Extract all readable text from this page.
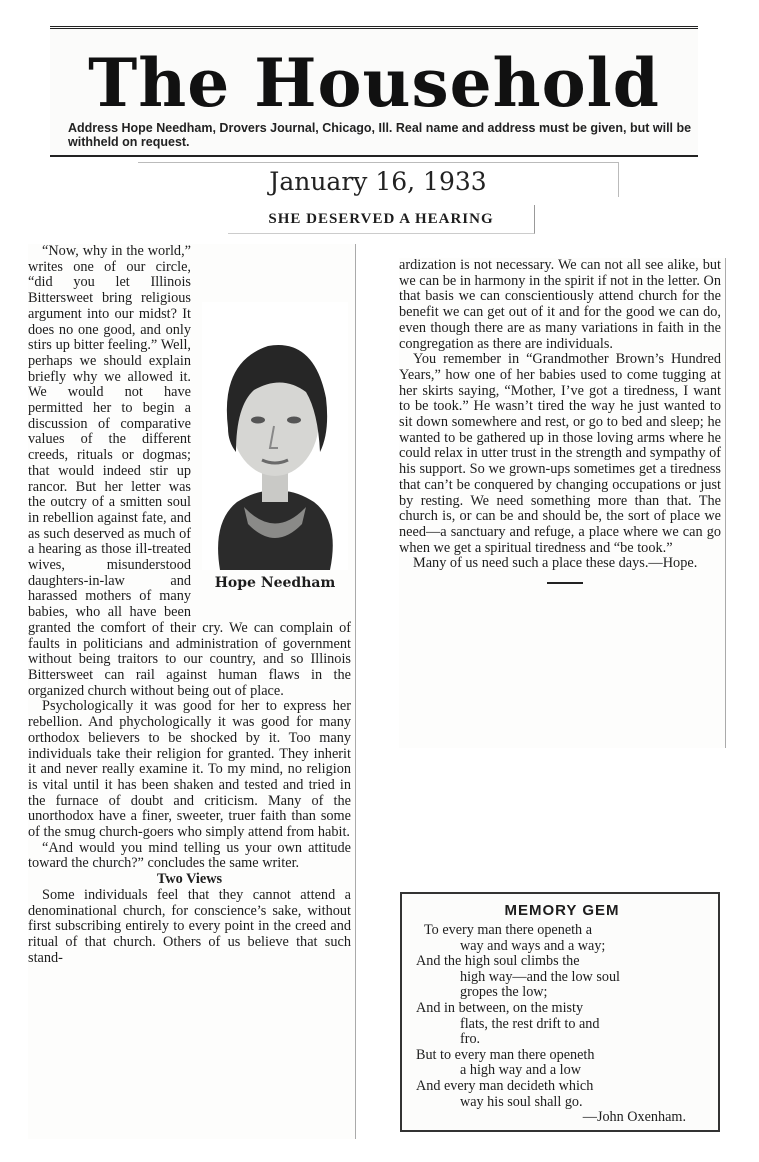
The Household
Address Hope Needham, Drovers Journal, Chicago, Ill. Real name and address must be given, but will be withheld on request.
January 16, 1933
SHE DESERVED A HEARING
Hope Needham

“Now, why in the world,” writes one of our circle, “did you let Illinois Bittersweet bring religious argument into our midst? It does no one good, and only stirs up bitter feeling.” Well, perhaps we should explain briefly why we allowed it. We would not have permitted her to begin a discussion of comparative values of the different creeds, rituals or dogmas; that would indeed stir up rancor. But her letter was the outcry of a smitten soul in rebellion against fate, and as such deserved as much of a hearing as those ill-treated wives, misunderstood daughters-in-law and harassed mothers of many babies, who all have been granted the comfort of their cry. We can complain of faults in politicians and administration of government without being traitors to our country, and so Illinois Bittersweet can rail against human flaws in the organized church without being out of place.

Psychologically it was good for her to express her rebellion. And phychologically it was good for many orthodox believers to be shocked by it. Too many individuals take their religion for granted. They inherit it and never really examine it. To my mind, no religion is vital until it has been shaken and tested and tried in the furnace of doubt and criticism. Many of the unorthodox have a finer, sweeter, truer faith than some of the smug church-goers who simply attend from habit.

“And would you mind telling us your own attitude toward the church?” concludes the same writer.

Two Views

Some individuals feel that they cannot attend a denominational church, for conscience’s sake, without first subscribing entirely to every point in the creed and ritual of that church. Others of us believe that such stand-

ardization is not necessary. We can not all see alike, but we can be in harmony in the spirit if not in the letter. On that basis we can conscientiously attend church for the benefit we can get out of it and for the good we can do, even though there are as many variations in faith in the congregation as there are individuals.

You remember in “Grandmother Brown’s Hundred Years,” how one of her babies used to come tugging at her skirts saying, “Mother, I’ve got a tiredness, I want to be took.” He wasn’t tired the way he just wanted to sit down somewhere and rest, or go to bed and sleep; he wanted to be gathered up in those loving arms where he could relax in utter trust in the strength and sympathy of his support. So we grown-ups sometimes get a tiredness that can’t be conquered by changing occupations or just by resting. We need something more than that. The church is, or can be and should be, the sort of place we need—a sanctuary and refuge, a place where we can go when we get a spiritual tiredness and “be took.”

Many of us need such a place these days.—Hope.

MEMORY GEM
To every man there openeth a
way and ways and a way;
And the high soul climbs the
high way—and the low soul
gropes the low;
And in between, on the misty
flats, the rest drift to and
fro.
But to every man there openeth
a high way and a low
And every man decideth which
way his soul shall go.
—John Oxenham.
